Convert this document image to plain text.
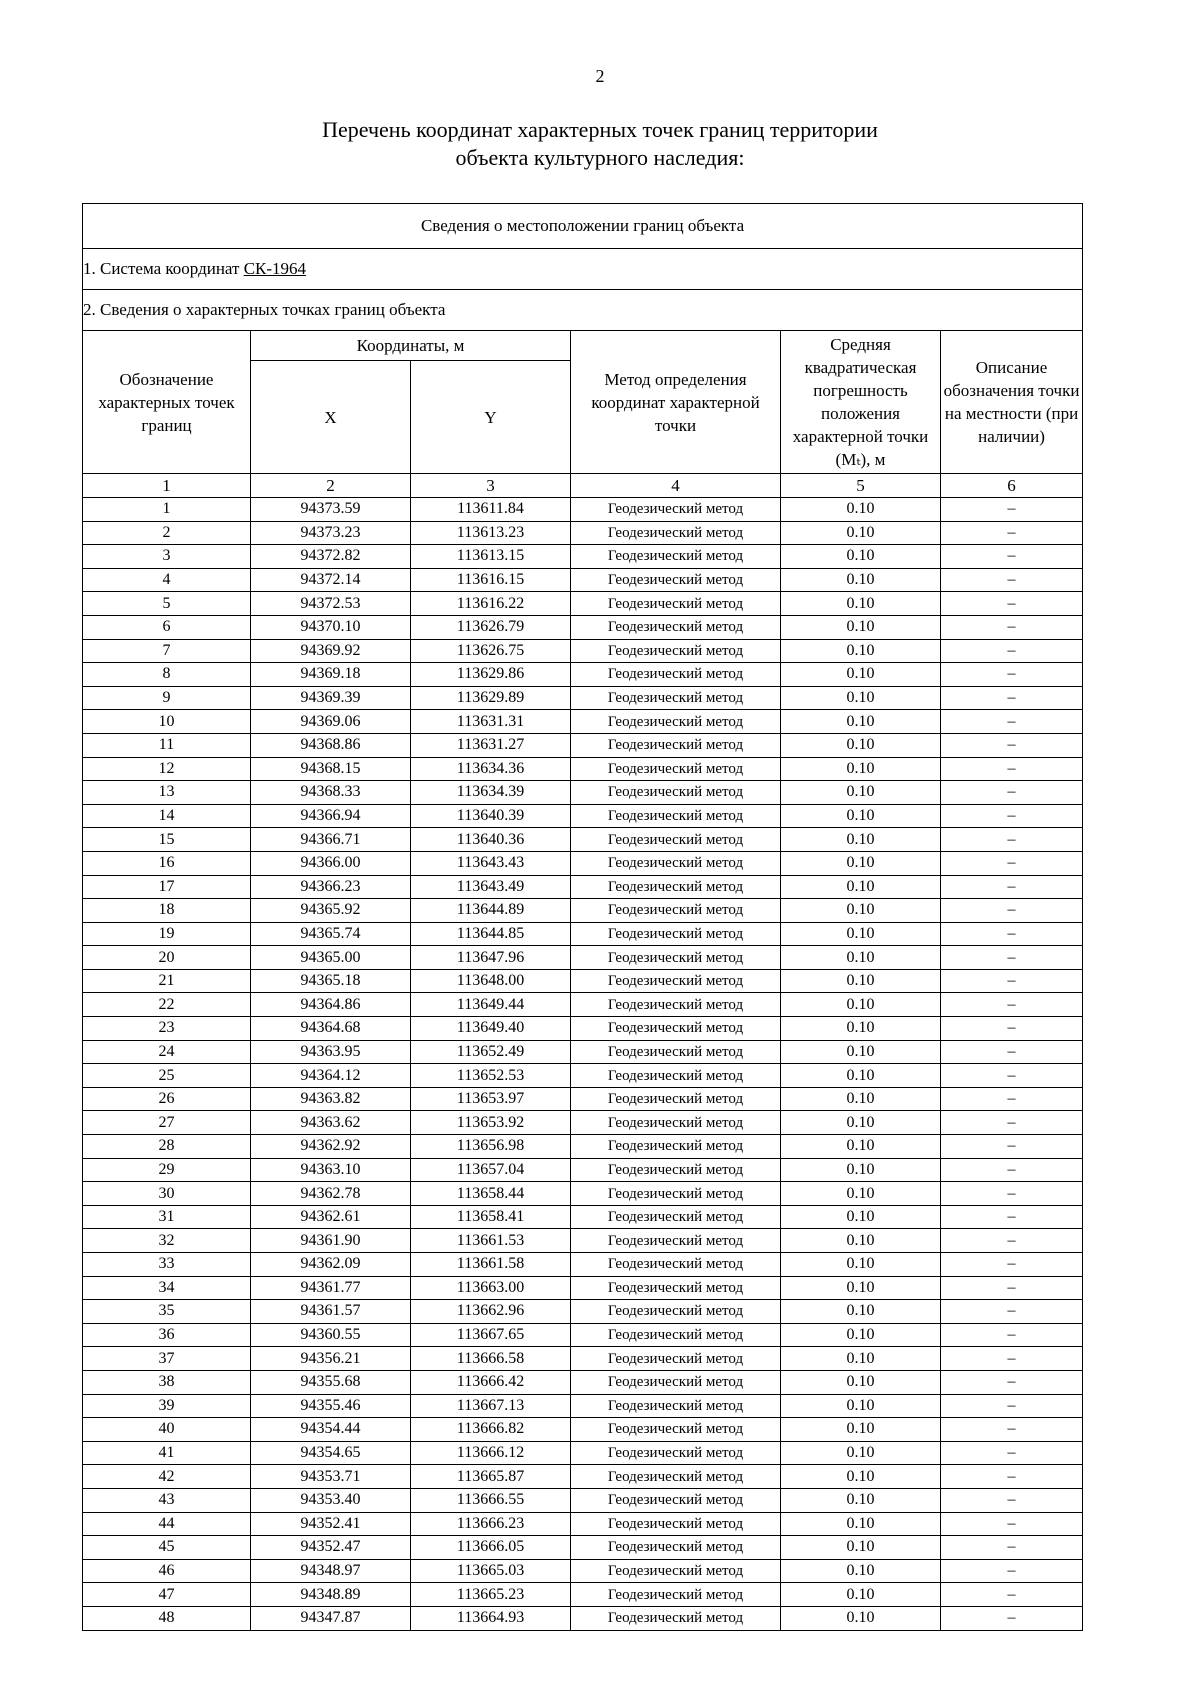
2
Перечень координат характерных точек границ территории
объекта культурного наследия:
Сведения о местоположении границ объекта					
1. Система координат СК-1964					
2. Сведения о характерных точках границ объекта					
Обозначение характерных точек границ	Координаты, м		Метод определения координат характерной точки	Средняя квадратическая погрешность положения характерной точки (Mₜ), м	Описание обозначения точки на местности (при наличии)
	X	Y			
1	2	3	4	5	6
1	94373.59	113611.84	Геодезический метод	0.10	–
2	94373.23	113613.23	Геодезический метод	0.10	–
3	94372.82	113613.15	Геодезический метод	0.10	–
4	94372.14	113616.15	Геодезический метод	0.10	–
5	94372.53	113616.22	Геодезический метод	0.10	–
6	94370.10	113626.79	Геодезический метод	0.10	–
7	94369.92	113626.75	Геодезический метод	0.10	–
8	94369.18	113629.86	Геодезический метод	0.10	–
9	94369.39	113629.89	Геодезический метод	0.10	–
10	94369.06	113631.31	Геодезический метод	0.10	–
11	94368.86	113631.27	Геодезический метод	0.10	–
12	94368.15	113634.36	Геодезический метод	0.10	–
13	94368.33	113634.39	Геодезический метод	0.10	–
14	94366.94	113640.39	Геодезический метод	0.10	–
15	94366.71	113640.36	Геодезический метод	0.10	–
16	94366.00	113643.43	Геодезический метод	0.10	–
17	94366.23	113643.49	Геодезический метод	0.10	–
18	94365.92	113644.89	Геодезический метод	0.10	–
19	94365.74	113644.85	Геодезический метод	0.10	–
20	94365.00	113647.96	Геодезический метод	0.10	–
21	94365.18	113648.00	Геодезический метод	0.10	–
22	94364.86	113649.44	Геодезический метод	0.10	–
23	94364.68	113649.40	Геодезический метод	0.10	–
24	94363.95	113652.49	Геодезический метод	0.10	–
25	94364.12	113652.53	Геодезический метод	0.10	–
26	94363.82	113653.97	Геодезический метод	0.10	–
27	94363.62	113653.92	Геодезический метод	0.10	–
28	94362.92	113656.98	Геодезический метод	0.10	–
29	94363.10	113657.04	Геодезический метод	0.10	–
30	94362.78	113658.44	Геодезический метод	0.10	–
31	94362.61	113658.41	Геодезический метод	0.10	–
32	94361.90	113661.53	Геодезический метод	0.10	–
33	94362.09	113661.58	Геодезический метод	0.10	–
34	94361.77	113663.00	Геодезический метод	0.10	–
35	94361.57	113662.96	Геодезический метод	0.10	–
36	94360.55	113667.65	Геодезический метод	0.10	–
37	94356.21	113666.58	Геодезический метод	0.10	–
38	94355.68	113666.42	Геодезический метод	0.10	–
39	94355.46	113667.13	Геодезический метод	0.10	–
40	94354.44	113666.82	Геодезический метод	0.10	–
41	94354.65	113666.12	Геодезический метод	0.10	–
42	94353.71	113665.87	Геодезический метод	0.10	–
43	94353.40	113666.55	Геодезический метод	0.10	–
44	94352.41	113666.23	Геодезический метод	0.10	–
45	94352.47	113666.05	Геодезический метод	0.10	–
46	94348.97	113665.03	Геодезический метод	0.10	–
47	94348.89	113665.23	Геодезический метод	0.10	–
48	94347.87	113664.93	Геодезический метод	0.10	–
